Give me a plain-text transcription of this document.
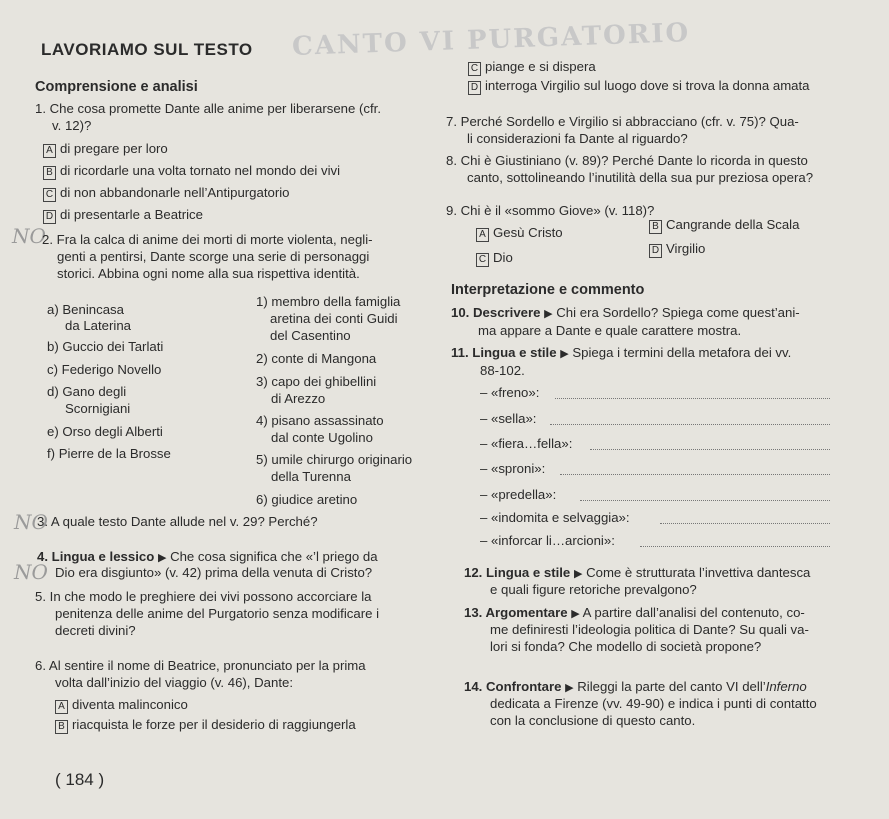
LAVORIAMO SUL TESTO CANTO VI PURGATORIO
Comprensione e analisi
1. Che cosa promette Dante alle anime per liberarsene (cfr.
v. 12)?
A di pregare per loro
B di ricordarle una volta tornato nel mondo dei vivi
C di non abbandonarle nell’Antipurgatorio
D di presentarle a Beatrice
NO
2. Fra la calca di anime dei morti di morte violenta, negli-
genti a pentirsi, Dante scorge una serie di personaggi
storici. Abbina ogni nome alla sua rispettiva identità.
a) Benincasa
da Laterina
b) Guccio dei Tarlati
c) Federigo Novello
d) Gano degli
Scornigiani
e) Orso degli Alberti
f) Pierre de la Brosse
1) membro della famiglia
aretina dei conti Guidi
del Casentino
2) conte di Mangona
3) capo dei ghibellini
di Arezzo
4) pisano assassinato
dal conte Ugolino
5) umile chirurgo originario
della Turenna
6) giudice aretino
NO
3. A quale testo Dante allude nel v. 29? Perché?
NO
4. Lingua e lessico ▶ Che cosa significa che «’l priego da
Dio era disgiunto» (v. 42) prima della venuta di Cristo?
5. In che modo le preghiere dei vivi possono accorciare la
penitenza delle anime del Purgatorio senza modificare i
decreti divini?
6. Al sentire il nome di Beatrice, pronunciato per la prima
volta dall’inizio del viaggio (v. 46), Dante:
A diventa malinconico
B riacquista le forze per il desiderio di raggiungerla
C piange e si dispera
D interroga Virgilio sul luogo dove si trova la donna amata
7. Perché Sordello e Virgilio si abbracciano (cfr. v. 75)? Qua-
li considerazioni fa Dante al riguardo?
8. Chi è Giustiniano (v. 89)? Perché Dante lo ricorda in questo
canto, sottolineando l’inutilità della sua pur preziosa opera?
9. Chi è il «sommo Giove» (v. 118)?
A Gesù Cristo	B Cangrande della Scala
C Dio	D Virgilio
Interpretazione e commento
10. Descrivere ▶ Chi era Sordello? Spiega come quest’ani-
ma appare a Dante e quale carattere mostra.
11. Lingua e stile ▶ Spiega i termini della metafora dei vv.
88-102.
– «freno»:
– «sella»:
– «fiera…fella»:
– «sproni»:
– «predella»:
– «indomita e selvaggia»:
– «inforcar li…arcioni»:
12. Lingua e stile ▶ Come è strutturata l’invettiva dantesca
e quali figure retoriche prevalgono?
13. Argomentare ▶ A partire dall’analisi del contenuto, co-
me definiresti l’ideologia politica di Dante? Su quali va-
lori si fonda? Che modello di società propone?
14. Confrontare ▶ Rileggi la parte del canto VI dell’Inferno
dedicata a Firenze (vv. 49-90) e indica i punti di contatto
con la conclusione di questo canto.
( 184 )
